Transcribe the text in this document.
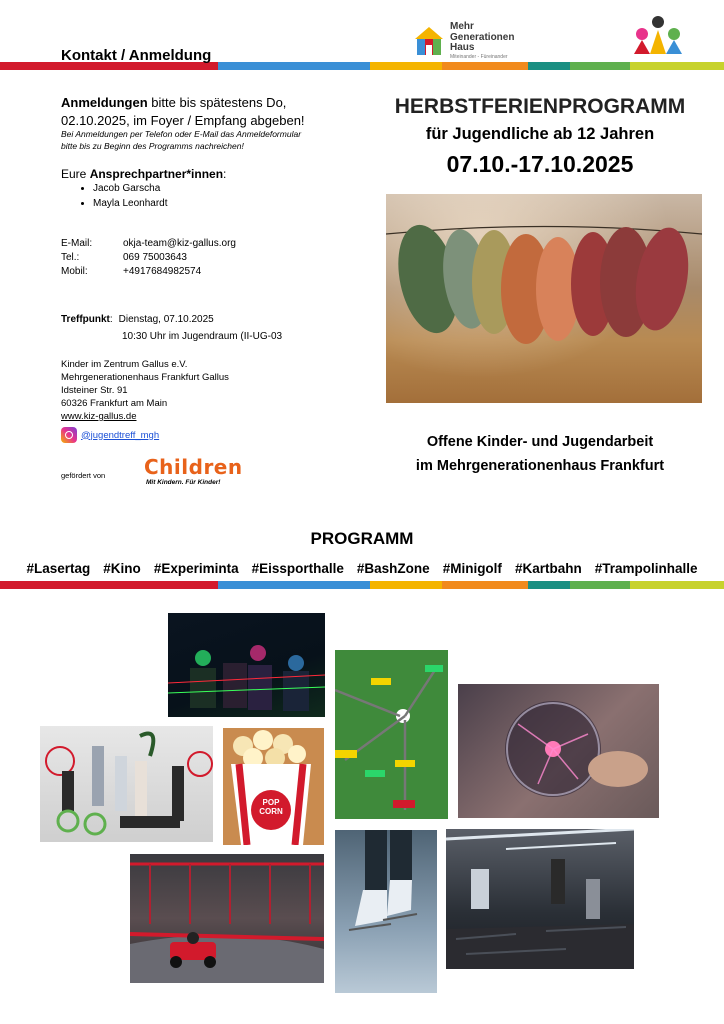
Kontakt / Anmeldung
Mehr
Generationen
Haus
Miteinander - Füreinander
Anmeldungen bitte bis spätestens Do,
02.10.2025, im Foyer / Empfang abgeben!
Bei Anmeldungen per Telefon oder E-Mail das Anmeldeformular
bitte bis zu Beginn des Programms nachreichen!
Eure Ansprechpartner*innen:
• Jacob Garscha
• Mayla Leonhardt
E-Mail:	okja-team@kiz-gallus.org
Tel.:	069 75003643
Mobil:	+4917684982574
Treffpunkt: Dienstag, 07.10.2025
10:30 Uhr im Jugendraum (II-UG-03
Kinder im Zentrum Gallus e.V.
Mehrgenerationenhaus Frankfurt Gallus
Idsteiner Str. 91
60326 Frankfurt am Main
www.kiz-gallus.de
@jugendtreff_mgh
gefördert von Children
Mit Kindern. Für Kinder!
HERBSTFERIENPROGRAMM
für Jugendliche ab 12 Jahren
07.10.-17.10.2025
Offene Kinder- und Jugendarbeit
im Mehrgenerationenhaus Frankfurt
PROGRAMM
#Lasertag #Kino #Experiminta #Eissporthalle #BashZone #Minigolf #Kartbahn #Trampolinhalle
POP
CORN
